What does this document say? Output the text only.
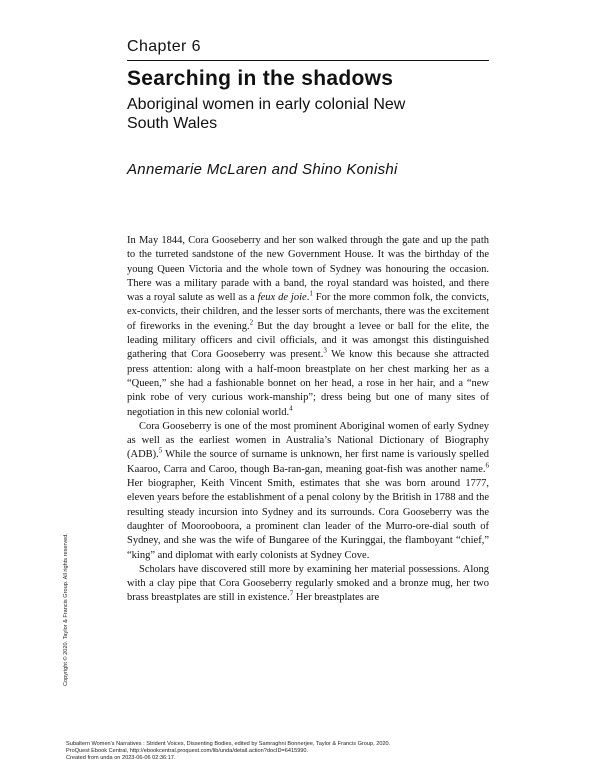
Chapter 6
Searching in the shadows
Aboriginal women in early colonial New South Wales
Annemarie McLaren and Shino Konishi

In May 1844, Cora Gooseberry and her son walked through the gate and up the path to the turreted sandstone of the new Government House. It was the birthday of the young Queen Victoria and the whole town of Sydney was honouring the occasion. There was a military parade with a band, the royal standard was hoisted, and there was a royal salute as well as a feux de joie.$^1$ For the more common folk, the convicts, ex-convicts, their children, and the lesser sorts of merchants, there was the excitement of fireworks in the evening.$^2$ But the day brought a levee or ball for the elite, the leading military officers and civil officials, and it was amongst this distinguished gathering that Cora Gooseberry was present.$^3$ We know this because she attracted press attention: along with a half-moon breastplate on her chest marking her as a “Queen,” she had a fashionable bonnet on her head, a rose in her hair, and a “new pink robe of very curious work-manship”; dress being but one of many sites of negotiation in this new colonial world.$^4$

Cora Gooseberry is one of the most prominent Aboriginal women of early Sydney as well as the earliest women in Australia’s National Dictionary of Biography (ADB).$^5$ While the source of surname is unknown, her first name is variously spelled Kaaroo, Carra and Caroo, though Ba-ran-gan, meaning goat-fish was another name.$^6$ Her biographer, Keith Vincent Smith, estimates that she was born around 1777, eleven years before the establishment of a penal colony by the British in 1788 and the resulting steady incursion into Sydney and its surrounds. Cora Gooseberry was the daughter of Moorooboora, a prominent clan leader of the Murro-ore-dial south of Sydney, and she was the wife of Bungaree of the Kuringgai, the flamboyant “chief,” “king” and diplomat with early colonists at Sydney Cove.

Scholars have discovered still more by examining her material possessions. Along with a clay pipe that Cora Gooseberry regularly smoked and a bronze mug, her two brass breastplates are still in existence.$^7$ Her breastplates are

Copyright © 2020. Taylor & Francis Group. All rights reserved.
Subaltern Women's Narratives : Strident Voices, Dissenting Bodies, edited by Samraghni Bonnerjee, Taylor & Francis Group, 2020.
ProQuest Ebook Central, http://ebookcentral.proquest.com/lib/unda/detail.action?docID=6415990.
Created from unda on 2023-06-06 02:36:17.
